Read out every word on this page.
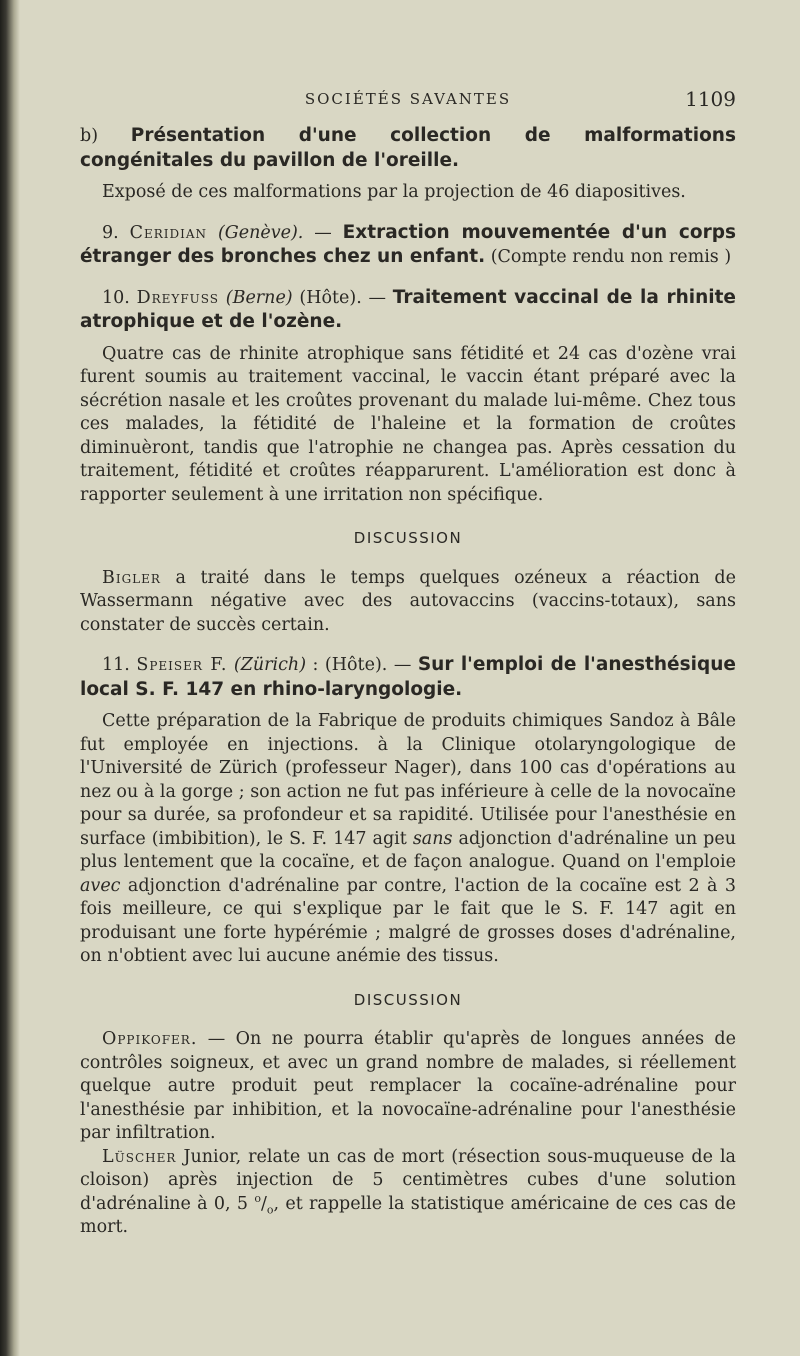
SOCIÉTÉS SAVANTES	1109

b) Présentation d'une collection de malformations congénitales du pavillon de l'oreille.

Exposé de ces malformations par la projection de 46 diapositives.

9. Ceridian (Genève). — Extraction mouvementée d'un corps étranger des bronches chez un enfant. (Compte rendu non remis )

10. Dreyfuss (Berne) (Hôte). — Traitement vaccinal de la rhinite atrophique et de l'ozène.

Quatre cas de rhinite atrophique sans fétidité et 24 cas d'ozène vrai furent soumis au traitement vaccinal, le vaccin étant préparé avec la sécrétion nasale et les croûtes provenant du malade lui-même. Chez tous ces malades, la fétidité de l'haleine et la formation de croûtes diminuèront, tandis que l'atrophie ne changea pas. Après cessation du traitement, fétidité et croûtes réapparurent. L'amélioration est donc à rapporter seulement à une irritation non spécifique.

DISCUSSION

Bigler a traité dans le temps quelques ozéneux a réaction de Wassermann négative avec des autovaccins (vaccins-totaux), sans constater de succès certain.

11. Speiser F. (Zürich) : (Hôte). — Sur l'emploi de l'anesthésique local S. F. 147 en rhino-laryngologie.

Cette préparation de la Fabrique de produits chimiques Sandoz à Bâle fut employée en injections. à la Clinique otolaryngologique de l'Université de Zürich (professeur Nager), dans 100 cas d'opérations au nez ou à la gorge ; son action ne fut pas inférieure à celle de la novocaïne pour sa durée, sa profondeur et sa rapidité. Utilisée pour l'anesthésie en surface (imbibition), le S. F. 147 agit sans adjonction d'adrénaline un peu plus lentement que la cocaïne, et de façon analogue. Quand on l'emploie avec adjonction d'adrénaline par contre, l'action de la cocaïne est 2 à 3 fois meilleure, ce qui s'explique par le fait que le S. F. 147 agit en produisant une forte hypérémie ; malgré de grosses doses d'adrénaline, on n'obtient avec lui aucune anémie des tissus.

DISCUSSION

Oppikofer. — On ne pourra établir qu'après de longues années de contrôles soigneux, et avec un grand nombre de malades, si réellement quelque autre produit peut remplacer la cocaïne-adrénaline pour l'anesthésie par inhibition, et la novocaïne-adrénaline pour l'anesthésie par infiltration.

Lüscher Junior, relate un cas de mort (résection sous-muqueuse de la cloison) après injection de 5 centimètres cubes d'une solution d'adrénaline à 0, 5 $^o/_o$, et rappelle la statistique américaine de ces cas de mort.
